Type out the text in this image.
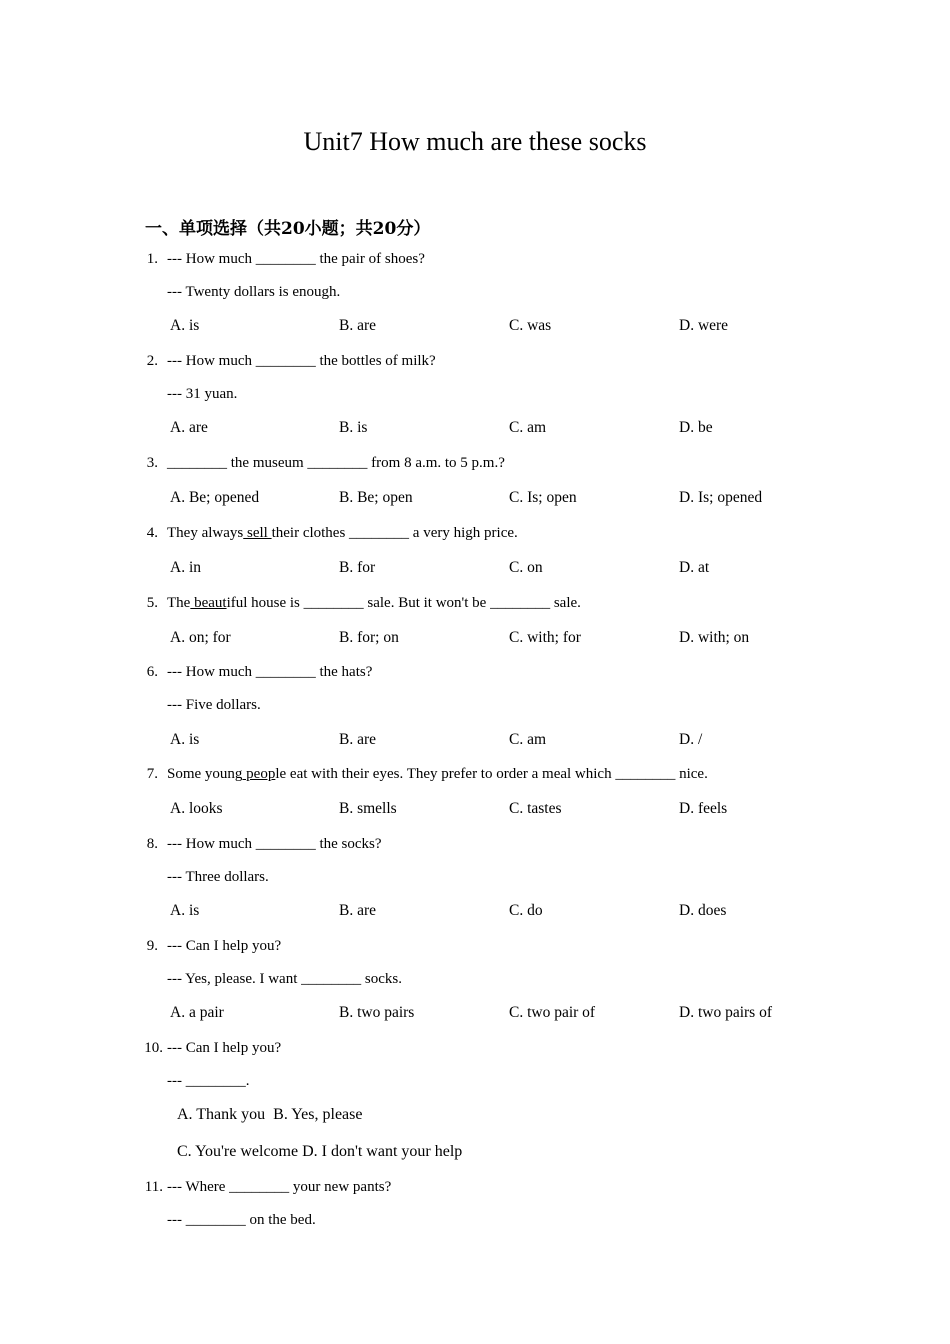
Unit7 How much are these socks
一、单项选择（共20小题；共20分）
1. --- How much ________ the pair of shoes?
--- Twenty dollars is enough.
A. is	B. are	C. was	D. were
2. --- How much ________ the bottles of milk?
--- 31 yuan.
A. are	B. is	C. am	D. be
3. ________ the museum ________ from 8 a.m. to 5 p.m.?
A. Be; opened	B. Be; open	C. Is; open	D. Is; opened
4. They always sell their clothes ________ a very high price.
A. in	B. for	C. on	D. at
5. The beautiful house is ________ sale. But it won't be ________ sale.
A. on; for	B. for; on	C. with; for	D. with; on
6. --- How much ________ the hats?
--- Five dollars.
A. is	B. are	C. am	D. /
7. Some young people eat with their eyes. They prefer to order a meal which ________ nice.
A. looks	B. smells	C. tastes	D. feels
8. --- How much ________ the socks?
--- Three dollars.
A. is	B. are	C. do	D. does
9. --- Can I help you?
--- Yes, please. I want ________ socks.
A. a pair	B. two pairs	C. two pair of	D. two pairs of
10. --- Can I help you?
--- ________.
A. Thank you  B. Yes, please
C. You're welcome D. I don't want your help
11. --- Where ________ your new pants?
--- ________ on the bed.
